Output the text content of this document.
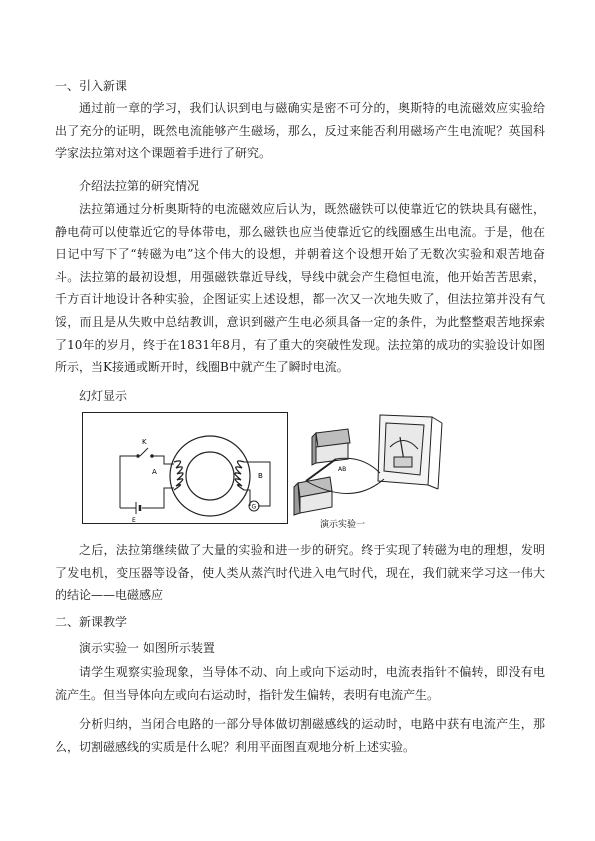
一、引入新课

通过前一章的学习，我们认识到电与磁确实是密不可分的，奥斯特的电流磁效应实验给出了充分的证明，既然电流能够产生磁场，那么，反过来能否利用磁场产生电流呢？英国科学家法拉第对这个课题着手进行了研究。

介绍法拉第的研究情况

法拉第通过分析奥斯特的电流磁效应后认为，既然磁铁可以使靠近它的铁块具有磁性，静电荷可以使靠近它的导体带电，那么磁铁也应当使靠近它的线圈感生出电流。于是，他在日记中写下了“转磁为电”这个伟大的设想，并朝着这个设想开始了无数次实验和艰苦地奋斗。法拉第的最初设想，用强磁铁靠近导线，导线中就会产生稳恒电流，他开始苦苦思索，千方百计地设计各种实验，企图证实上述设想，都一次又一次地失败了，但法拉第并没有气馁，而且是从失败中总结教训，意识到磁产生电必须具备一定的条件，为此整整艰苦地探索了10年的岁月，终于在1831年8月，有了重大的突破性发现。法拉第的成功的实验设计如图所示，当K接通或断开时，线圈B中就产生了瞬时电流。

幻灯显示

K
A	B
E
G
AB
演示实验一

之后，法拉第继续做了大量的实验和进一步的研究。终于实现了转磁为电的理想，发明了发电机，变压器等设备，使人类从蒸汽时代进入电气时代，现在，我们就来学习这一伟大的结论——电磁感应

二、新课教学

演示实验一 如图所示装置

请学生观察实验现象，当导体不动、向上或向下运动时，电流表指针不偏转，即没有电流产生。但当导体向左或向右运动时，指针发生偏转，表明有电流产生。

分析归纳，当闭合电路的一部分导体做切割磁感线的运动时，电路中获有电流产生，那么，切割磁感线的实质是什么呢？利用平面图直观地分析上述实验。
